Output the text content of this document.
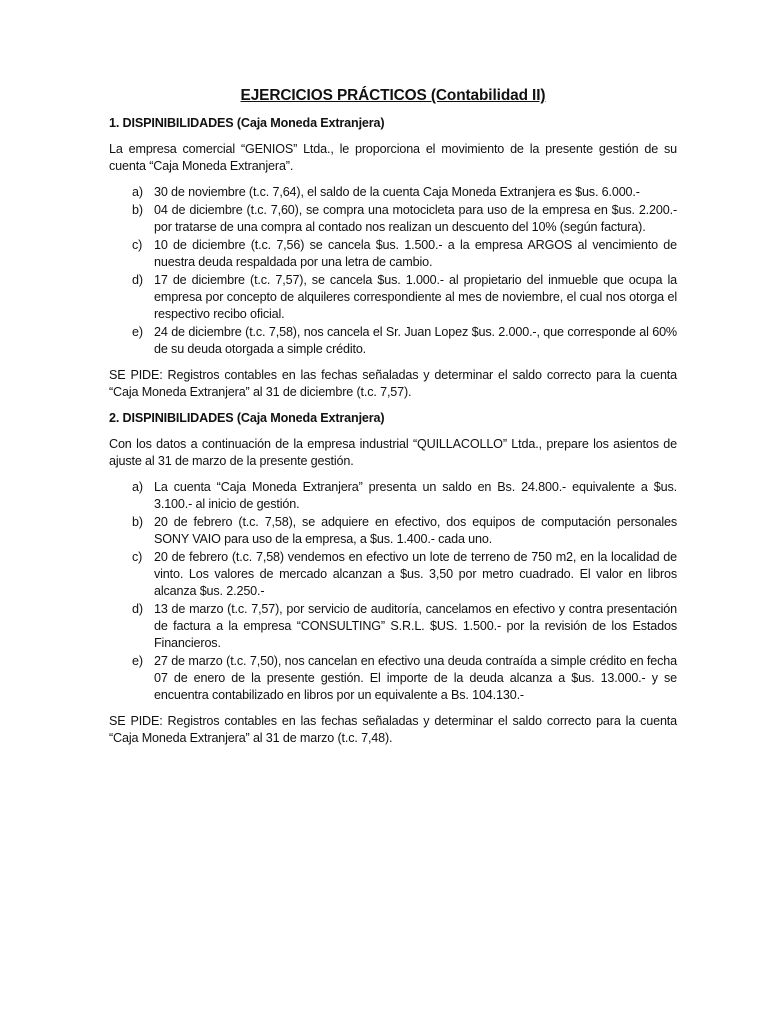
EJERCICIOS PRÁCTICOS (Contabilidad II)
1. DISPINIBILIDADES (Caja Moneda Extranjera)
La empresa comercial “GENIOS” Ltda., le proporciona el movimiento de la presente gestión de su cuenta “Caja Moneda Extranjera”.
a) 30 de noviembre (t.c. 7,64), el saldo de la cuenta Caja Moneda Extranjera es $us. 6.000.-
b) 04 de diciembre (t.c. 7,60), se compra una motocicleta para uso de la empresa en $us. 2.200.- por tratarse de una compra al contado nos realizan un descuento del 10% (según factura).
c) 10 de diciembre (t.c. 7,56) se cancela $us. 1.500.- a la empresa ARGOS al vencimiento de nuestra deuda respaldada por una letra de cambio.
d) 17 de diciembre (t.c. 7,57), se cancela $us. 1.000.- al propietario del inmueble que ocupa la empresa por concepto de alquileres correspondiente al mes de noviembre, el cual nos otorga el respectivo recibo oficial.
e) 24 de diciembre (t.c. 7,58), nos cancela el Sr. Juan Lopez $us. 2.000.-, que corresponde al 60% de su deuda otorgada a simple crédito.
SE PIDE: Registros contables en las fechas señaladas y determinar el saldo correcto para la cuenta “Caja Moneda Extranjera” al 31 de diciembre (t.c. 7,57).
2. DISPINIBILIDADES (Caja Moneda Extranjera)
Con los datos a continuación de la empresa industrial “QUILLACOLLO” Ltda., prepare los asientos de ajuste al 31 de marzo de la presente gestión.
a) La cuenta “Caja Moneda Extranjera” presenta un saldo en Bs. 24.800.- equivalente a $us. 3.100.- al inicio de gestión.
b) 20 de febrero (t.c. 7,58), se adquiere en efectivo, dos equipos de computación personales SONY VAIO para uso de la empresa, a $us. 1.400.- cada uno.
c) 20 de febrero (t.c. 7,58) vendemos en efectivo un lote de terreno de 750 m2, en la localidad de vinto. Los valores de mercado alcanzan a $us. 3,50 por metro cuadrado. El valor en libros alcanza $us. 2.250.-
d) 13 de marzo (t.c. 7,57), por servicio de auditoría, cancelamos en efectivo y contra presentación de factura a la empresa “CONSULTING” S.R.L. $US. 1.500.- por la revisión de los Estados Financieros.
e) 27 de marzo (t.c. 7,50), nos cancelan en efectivo una deuda contraída a simple crédito en fecha 07 de enero de la presente gestión. El importe de la deuda alcanza a $us. 13.000.- y se encuentra contabilizado en libros por un equivalente a Bs. 104.130.-
SE PIDE: Registros contables en las fechas señaladas y determinar el saldo correcto para la cuenta “Caja Moneda Extranjera” al 31 de marzo (t.c. 7,48).
